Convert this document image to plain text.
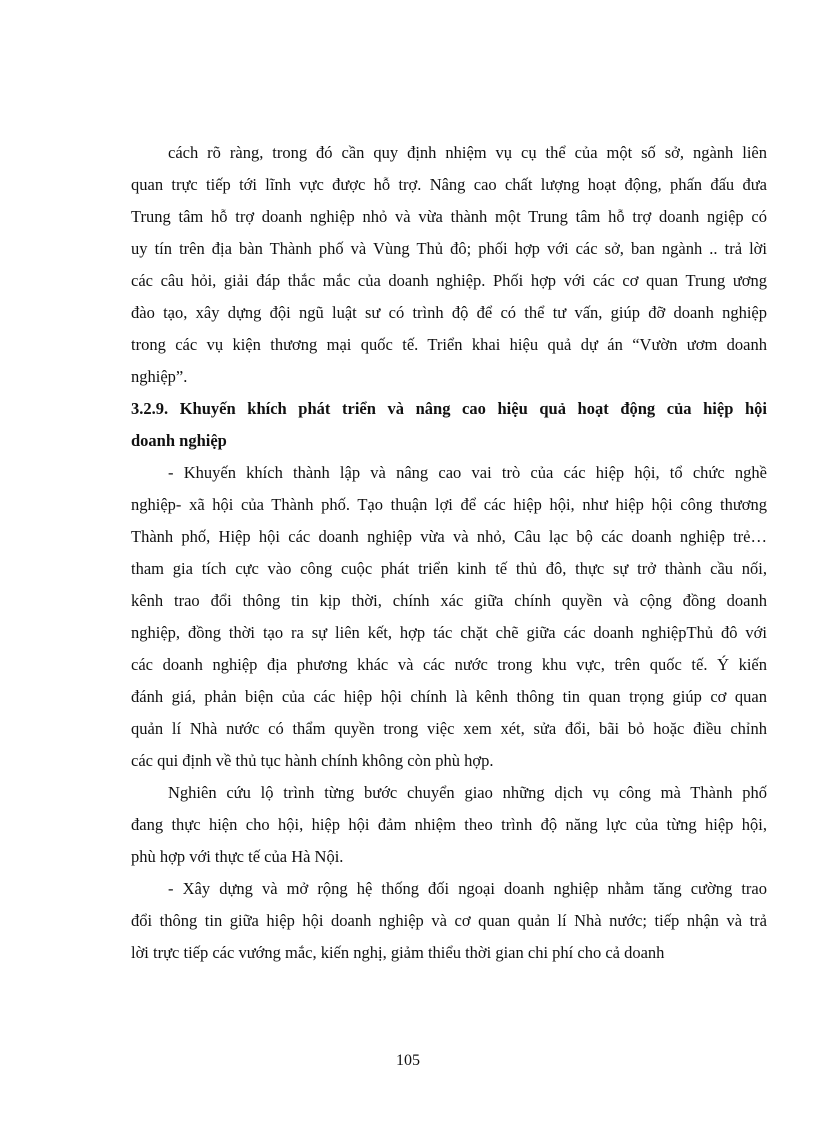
cách rõ ràng, trong đó cần quy định nhiệm vụ cụ thể của một số sở, ngành liên
quan trực tiếp tới lĩnh vực được hỗ trợ. Nâng cao chất lượng hoạt động, phấn đấu đưa
Trung tâm hỗ trợ doanh nghiệp nhỏ và vừa thành một Trung tâm hỗ trợ doanh ngiệp có
uy tín trên địa bàn Thành phố và Vùng Thủ đô; phối hợp với các sở, ban ngành .. trả lời
các câu hỏi, giải đáp thắc mắc của doanh nghiệp. Phối hợp với các cơ quan Trung ương
đào tạo, xây dựng đội ngũ luật sư có trình độ để có thể tư vấn, giúp đỡ doanh nghiệp
trong các vụ kiện thương mại quốc tế. Triển khai hiệu quả dự án “Vườn ươm doanh
nghiệp”.
3.2.9. Khuyến khích phát triển và nâng cao hiệu quả hoạt động của hiệp hội
doanh nghiệp
- Khuyến khích thành lập và nâng cao vai trò của các hiệp hội, tổ chức nghề
nghiệp- xã hội của Thành phố. Tạo thuận lợi để các hiệp hội, như hiệp hội công thương
Thành phố, Hiệp hội các doanh nghiệp vừa và nhỏ, Câu lạc bộ các doanh nghiệp trẻ…
tham gia tích cực vào công cuộc phát triển kinh tế thủ đô, thực sự trở thành cầu nối,
kênh trao đổi thông tin kịp thời, chính xác giữa chính quyền và cộng đồng doanh
nghiệp, đồng thời tạo ra sự liên kết, hợp tác chặt chẽ giữa các doanh nghiệpThủ đô với
các doanh nghiệp địa phương khác và các nước trong khu vực, trên quốc tế. Ý kiến
đánh giá, phản biện của các hiệp hội chính là kênh thông tin quan trọng giúp cơ quan
quản lí Nhà nước có thẩm quyền trong việc xem xét, sửa đổi, bãi bỏ hoặc điều chỉnh
các qui định về thủ tục hành chính không còn phù hợp.
Nghiên cứu lộ trình từng bước chuyển giao những dịch vụ công mà Thành phố
đang thực hiện cho hội, hiệp hội đảm nhiệm theo trình độ năng lực của từng hiệp hội,
phù hợp với thực tế của Hà Nội.
- Xây dựng và mở rộng hệ thống đối ngoại doanh nghiệp nhằm tăng cường trao
đổi thông tin giữa hiệp hội doanh nghiệp và cơ quan quản lí Nhà nước; tiếp nhận và trả
lời trực tiếp các vướng mắc, kiến nghị, giảm thiểu thời gian chi phí cho cả doanh
105
